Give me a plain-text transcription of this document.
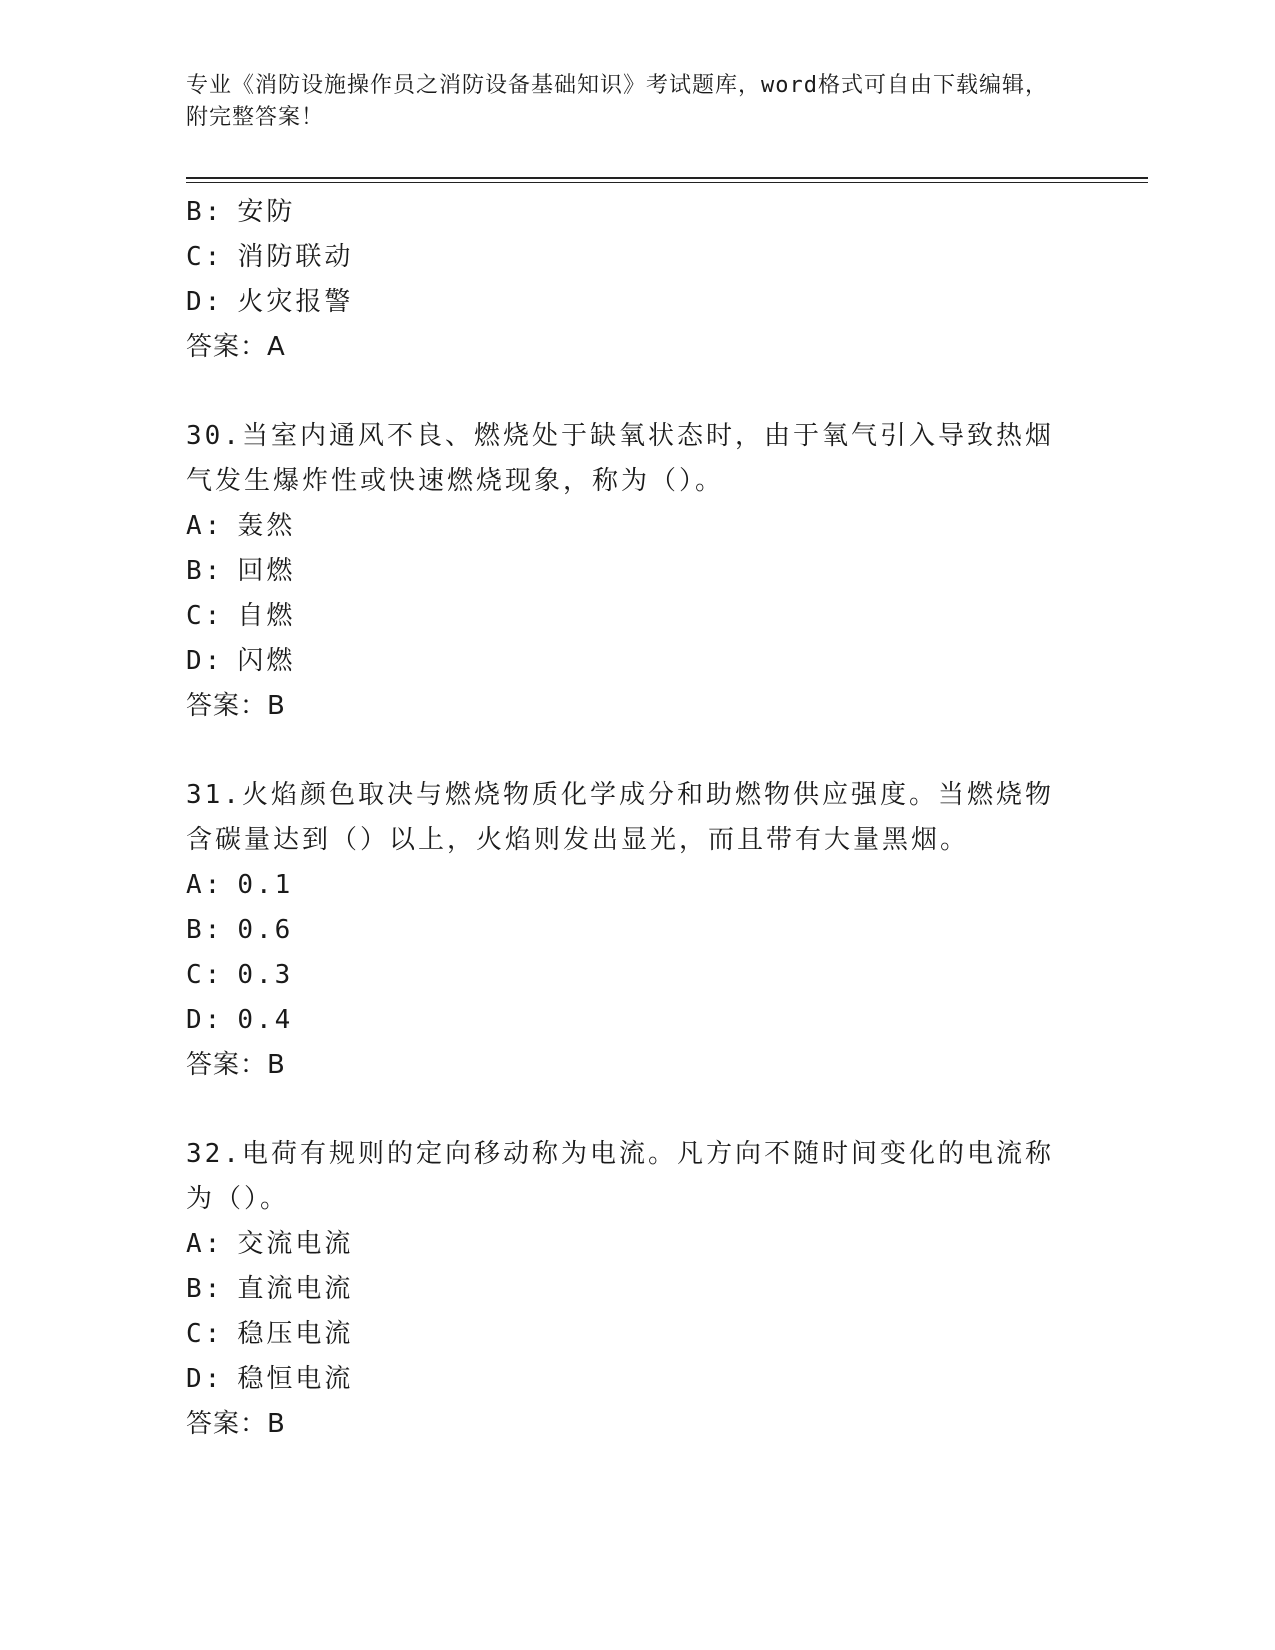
专业《消防设施操作员之消防设备基础知识》考试题库，word格式可自由下载编辑，附完整答案！
B: 安防
C: 消防联动
D: 火灾报警
答案：A
30.当室内通风不良、燃烧处于缺氧状态时，由于氧气引入导致热烟气发生爆炸性或快速燃烧现象，称为（）。
A: 轰然
B: 回燃
C: 自燃
D: 闪燃
答案：B
31.火焰颜色取决与燃烧物质化学成分和助燃物供应强度。当燃烧物含碳量达到（）以上，火焰则发出显光，而且带有大量黑烟。
A: 0.1
B: 0.6
C: 0.3
D: 0.4
答案：B
32.电荷有规则的定向移动称为电流。凡方向不随时间变化的电流称为（）。
A: 交流电流
B: 直流电流
C: 稳压电流
D: 稳恒电流
答案：B
